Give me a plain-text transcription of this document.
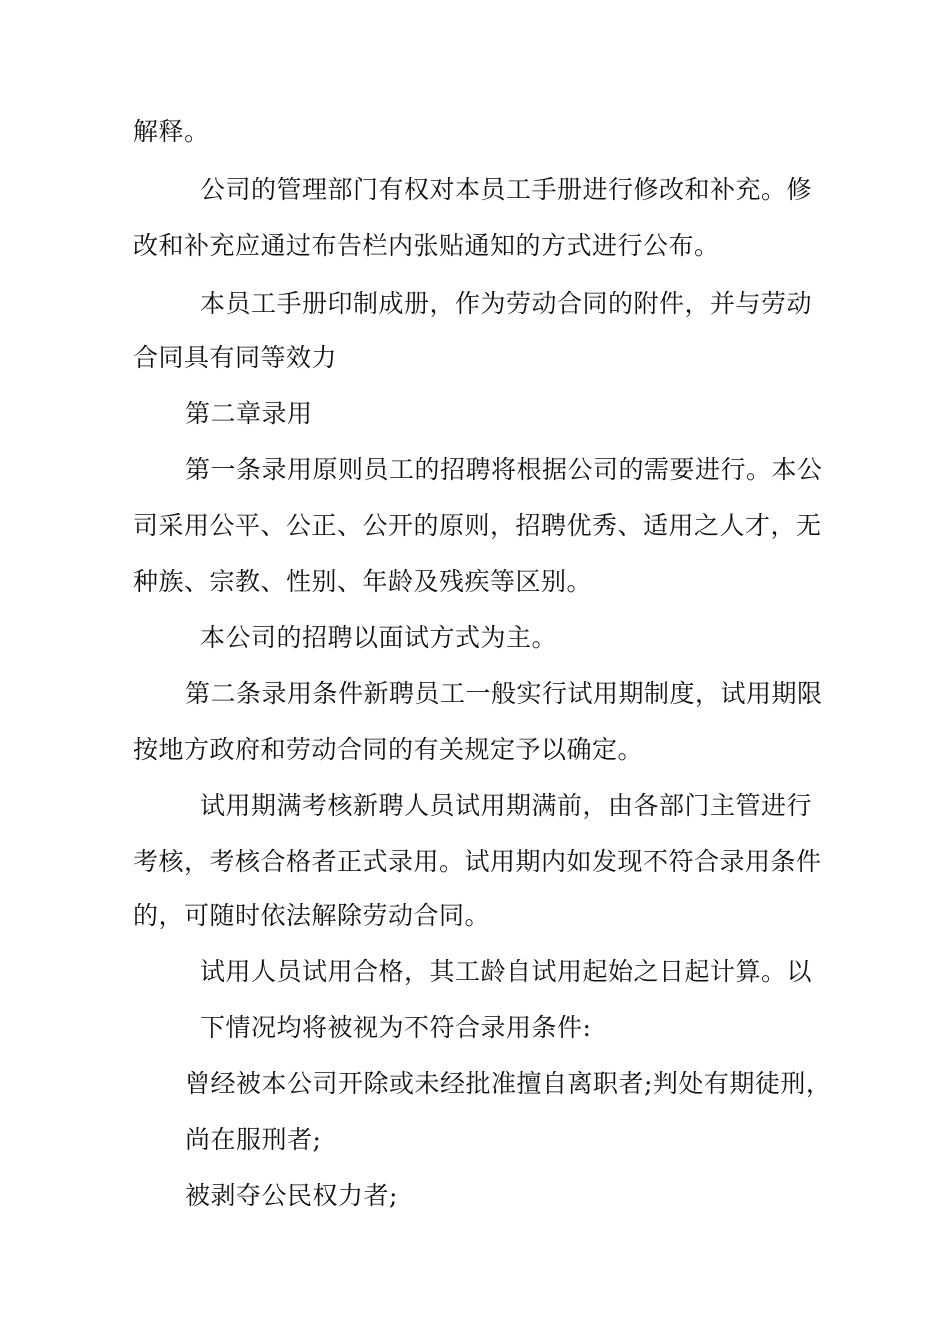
解释。
公司的管理部门有权对本员工手册进行修改和补充。修
改和补充应通过布告栏内张贴通知的方式进行公布。
本员工手册印制成册，作为劳动合同的附件，并与劳动
合同具有同等效力
第二章录用
第一条录用原则员工的招聘将根据公司的需要进行。本公
司采用公平、公正、公开的原则，招聘优秀、适用之人才，无
种族、宗教、性别、年龄及残疾等区别。
本公司的招聘以面试方式为主。
第二条录用条件新聘员工一般实行试用期制度，试用期限
按地方政府和劳动合同的有关规定予以确定。
试用期满考核新聘人员试用期满前，由各部门主管进行
考核，考核合格者正式录用。试用期内如发现不符合录用条件
的，可随时依法解除劳动合同。
试用人员试用合格，其工龄自试用起始之日起计算。以
下情况均将被视为不符合录用条件:
曾经被本公司开除或未经批准擅自离职者;判处有期徒刑，
尚在服刑者;
被剥夺公民权力者;
